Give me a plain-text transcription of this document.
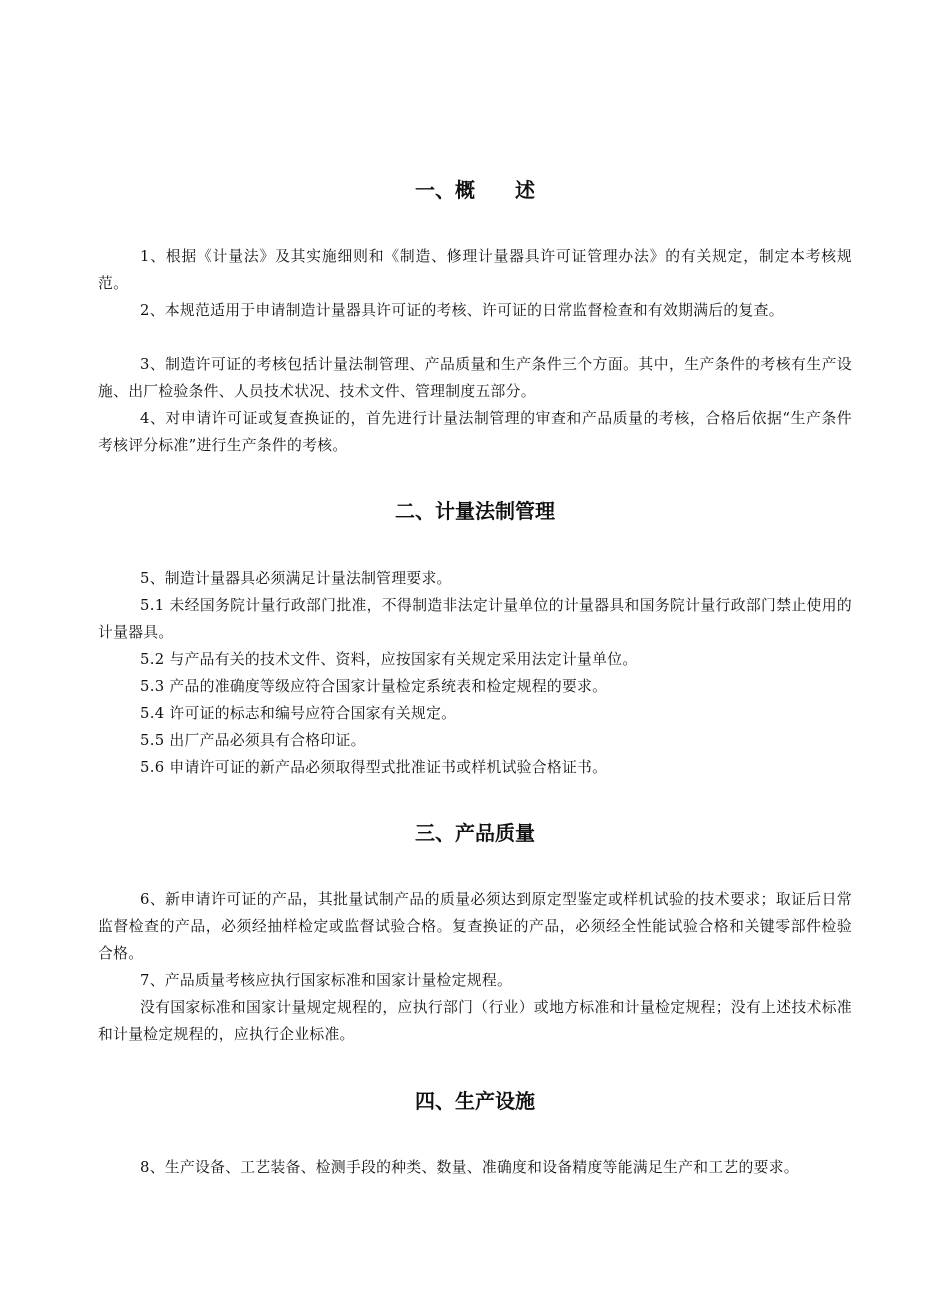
一、概　　述

1、根据《计量法》及其实施细则和《制造、修理计量器具许可证管理办法》的有关规定，制定本考核规范。

2、本规范适用于申请制造计量器具许可证的考核、许可证的日常监督检查和有效期满后的复查。

3、制造许可证的考核包括计量法制管理、产品质量和生产条件三个方面。其中，生产条件的考核有生产设施、出厂检验条件、人员技术状况、技术文件、管理制度五部分。

4、对申请许可证或复查换证的，首先进行计量法制管理的审查和产品质量的考核，合格后依据“生产条件考核评分标准”进行生产条件的考核。

二、计量法制管理

5、制造计量器具必须满足计量法制管理要求。

5.1 未经国务院计量行政部门批准，不得制造非法定计量单位的计量器具和国务院计量行政部门禁止使用的计量器具。

5.2 与产品有关的技术文件、资料，应按国家有关规定采用法定计量单位。

5.3 产品的准确度等级应符合国家计量检定系统表和检定规程的要求。

5.4 许可证的标志和编号应符合国家有关规定。

5.5 出厂产品必须具有合格印证。

5.6 申请许可证的新产品必须取得型式批准证书或样机试验合格证书。

三、产品质量

6、新申请许可证的产品，其批量试制产品的质量必须达到原定型鉴定或样机试验的技术要求；取证后日常监督检查的产品，必须经抽样检定或监督试验合格。复查换证的产品，必须经全性能试验合格和关键零部件检验合格。

7、产品质量考核应执行国家标准和国家计量检定规程。

没有国家标准和国家计量规定规程的，应执行部门（行业）或地方标准和计量检定规程；没有上述技术标准和计量检定规程的，应执行企业标准。

四、生产设施

8、生产设备、工艺装备、检测手段的种类、数量、准确度和设备精度等能满足生产和工艺的要求。
